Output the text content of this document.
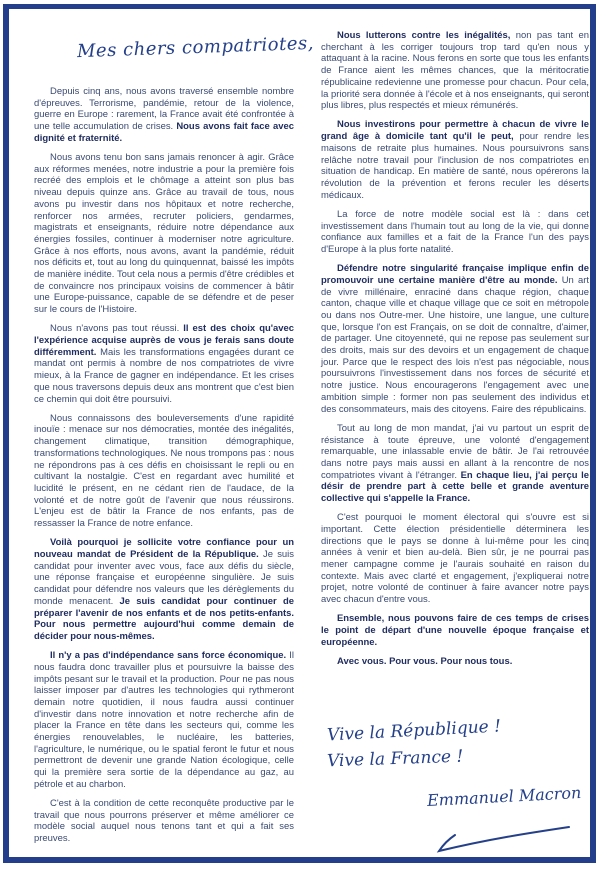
Mes chers compatriotes,

Depuis cinq ans, nous avons traversé ensemble nombre d'épreuves. Terrorisme, pandémie, retour de la violence, guerre en Europe : rarement, la France avait été confrontée à une telle accumulation de crises. Nous avons fait face avec dignité et fraternité.

Nous avons tenu bon sans jamais renoncer à agir. Grâce aux réformes menées, notre industrie a pour la première fois recréé des emplois et le chômage a atteint son plus bas niveau depuis quinze ans. Grâce au travail de tous, nous avons pu investir dans nos hôpitaux et notre recherche, renforcer nos armées, recruter policiers, gendarmes, magistrats et enseignants, réduire notre dépendance aux énergies fossiles, continuer à moderniser notre agriculture. Grâce à nos efforts, nous avons, avant la pandémie, réduit nos déficits et, tout au long du quinquennat, baissé les impôts de manière inédite. Tout cela nous a permis d'être crédibles et de convaincre nos principaux voisins de commencer à bâtir une Europe-puissance, capable de se défendre et de peser sur le cours de l'Histoire.

Nous n'avons pas tout réussi. Il est des choix qu'avec l'expérience acquise auprès de vous je ferais sans doute différemment. Mais les transformations engagées durant ce mandat ont permis à nombre de nos compatriotes de vivre mieux, à la France de gagner en indépendance. Et les crises que nous traversons depuis deux ans montrent que c'est bien ce chemin qui doit être poursuivi.

Nous connaissons des bouleversements d'une rapidité inouïe : menace sur nos démocraties, montée des inégalités, changement climatique, transition démographique, transformations technologiques. Ne nous trompons pas : nous ne répondrons pas à ces défis en choisissant le repli ou en cultivant la nostalgie. C'est en regardant avec humilité et lucidité le présent, en ne cédant rien de l'audace, de la volonté et de notre goût de l'avenir que nous réussirons. L'enjeu est de bâtir la France de nos enfants, pas de ressasser la France de notre enfance.

Voilà pourquoi je sollicite votre confiance pour un nouveau mandat de Président de la République. Je suis candidat pour inventer avec vous, face aux défis du siècle, une réponse française et européenne singulière. Je suis candidat pour défendre nos valeurs que les dérèglements du monde menacent. Je suis candidat pour continuer de préparer l'avenir de nos enfants et de nos petits-enfants. Pour nous permettre aujourd'hui comme demain de décider pour nous-mêmes.

Il n'y a pas d'indépendance sans force économique. Il nous faudra donc travailler plus et poursuivre la baisse des impôts pesant sur le travail et la production. Pour ne pas nous laisser imposer par d'autres les technologies qui rythmeront demain notre quotidien, il nous faudra aussi continuer d'investir dans notre innovation et notre recherche afin de placer la France en tête dans les secteurs qui, comme les énergies renouvelables, le nucléaire, les batteries, l'agriculture, le numérique, ou le spatial feront le futur et nous permettront de devenir une grande Nation écologique, celle qui la première sera sortie de la dépendance au gaz, au pétrole et au charbon.

C'est à la condition de cette reconquête productive par le travail que nous pourrons préserver et même améliorer ce modèle social auquel nous tenons tant et qui a fait ses preuves.

Nous lutterons contre les inégalités, non pas tant en cherchant à les corriger toujours trop tard qu'en nous y attaquant à la racine. Nous ferons en sorte que tous les enfants de France aient les mêmes chances, que la méritocratie républicaine redevienne une promesse pour chacun. Pour cela, la priorité sera donnée à l'école et à nos enseignants, qui seront plus libres, plus respectés et mieux rémunérés.

Nous investirons pour permettre à chacun de vivre le grand âge à domicile tant qu'il le peut, pour rendre les maisons de retraite plus humaines. Nous poursuivrons sans relâche notre travail pour l'inclusion de nos compatriotes en situation de handicap. En matière de santé, nous opérerons la révolution de la prévention et ferons reculer les déserts médicaux.

La force de notre modèle social est là : dans cet investissement dans l'humain tout au long de la vie, qui donne confiance aux familles et a fait de la France l'un des pays d'Europe à la plus forte natalité.

Défendre notre singularité française implique enfin de promouvoir une certaine manière d'être au monde. Un art de vivre millénaire, enraciné dans chaque région, chaque canton, chaque ville et chaque village que ce soit en métropole ou dans nos Outre-mer. Une histoire, une langue, une culture que, lorsque l'on est Français, on se doit de connaître, d'aimer, de partager. Une citoyenneté, qui ne repose pas seulement sur des droits, mais sur des devoirs et un engagement de chaque jour. Parce que le respect des lois n'est pas négociable, nous poursuivrons l'investissement dans nos forces de sécurité et notre justice. Nous encouragerons l'engagement avec une ambition simple : former non pas seulement des individus et des consommateurs, mais des citoyens. Faire des républicains.

Tout au long de mon mandat, j'ai vu partout un esprit de résistance à toute épreuve, une volonté d'engagement remarquable, une inlassable envie de bâtir. Je l'ai retrouvée dans notre pays mais aussi en allant à la rencontre de nos compatriotes vivant à l'étranger. En chaque lieu, j'ai perçu le désir de prendre part à cette belle et grande aventure collective qui s'appelle la France.

C'est pourquoi le moment électoral qui s'ouvre est si important. Cette élection présidentielle déterminera les directions que le pays se donne à lui-même pour les cinq années à venir et bien au-delà. Bien sûr, je ne pourrai pas mener campagne comme je l'aurais souhaité en raison du contexte. Mais avec clarté et engagement, j'expliquerai notre projet, notre volonté de continuer à faire avancer notre pays avec chacun d'entre vous.

Ensemble, nous pouvons faire de ces temps de crises le point de départ d'une nouvelle époque française et européenne.

Avec vous. Pour vous. Pour nous tous.

Vive la République !
Vive la France !
Emmanuel Macron
